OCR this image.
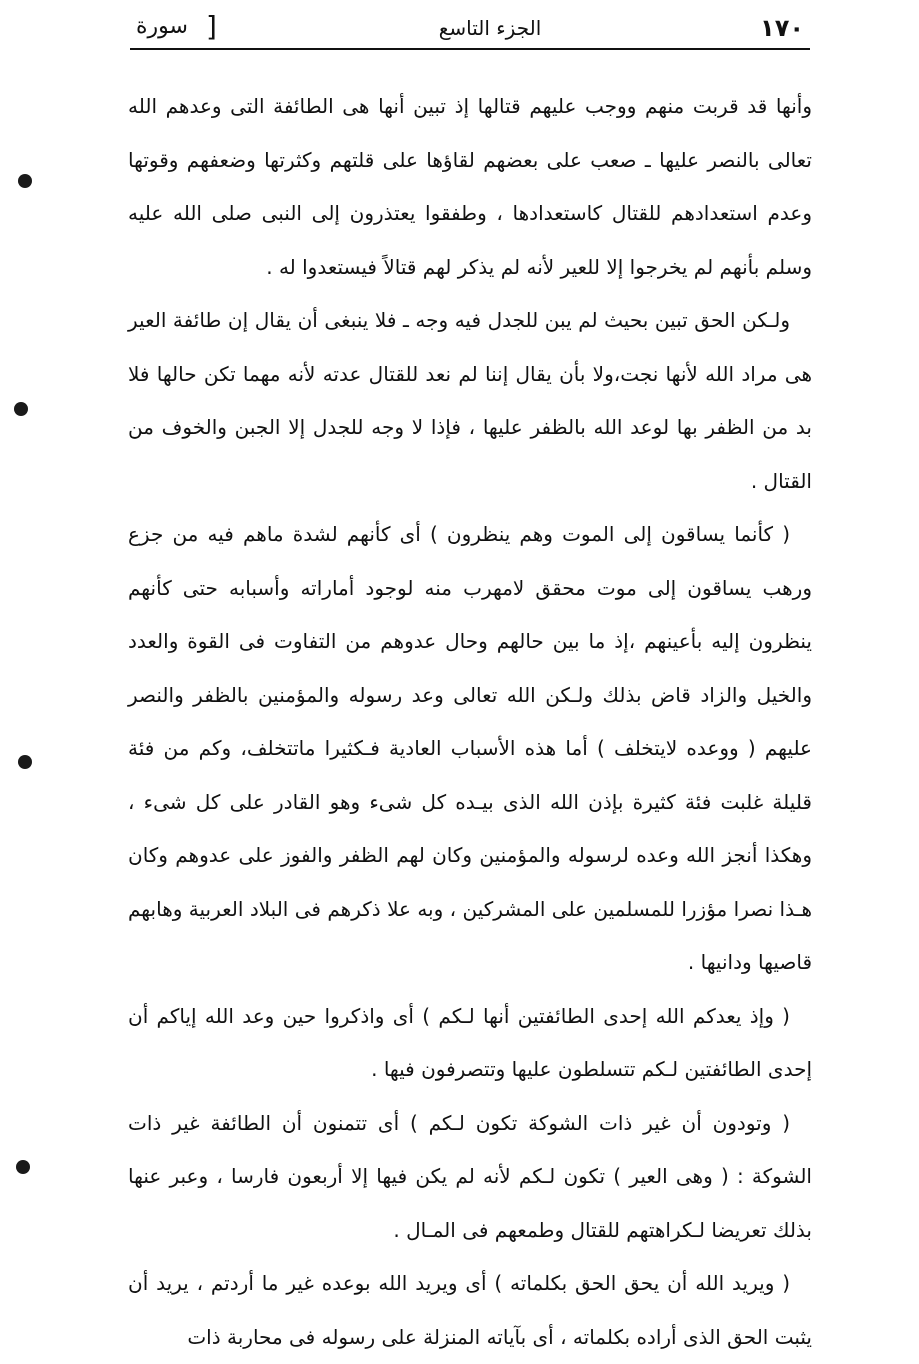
١٧٠
الجزء التاسع
سورة ]

وأنها قد قربت منهم ووجب عليهم قتالها إذ تبين أنها هى الطائفة التى وعدهم الله تعالى بالنصر عليها ـ صعب على بعضهم لقاؤها على قلتهم وكثرتها وضعفهم وقوتها وعدم استعدادهم للقتال كاستعدادها ، وطفقوا يعتذرون إلى النبى صلى الله عليه وسلم بأنهم لم يخرجوا إلا للعير لأنه لم يذكر لهم قتالاً فيستعدوا له .

ولـكن الحق تبين بحيث لم يبن للجدل فيه وجه ـ فلا ينبغى أن يقال إن طائفة العير هى مراد الله لأنها نجت،ولا بأن يقال إننا لم نعد للقتال عدته لأنه مهما تكن حالها فلا بد من الظفر بها لوعد الله بالظفر عليها ، فإذا لا وجه للجدل إلا الجبن والخوف من القتال .

( كأنما يساقون إلى الموت وهم ينظرون ) أى كأنهم لشدة ماهم فيه من جزع ورهب يساقون إلى موت محقق لامهرب منه لوجود أماراته وأسبابه حتى كأنهم ينظرون إليه بأعينهم ،إذ ما بين حالهم وحال عدوهم من التفاوت فى القوة والعدد والخيل والزاد قاض بذلك ولـكن الله تعالى وعد رسوله والمؤمنين بالظفر والنصر عليهم ( ووعده لايتخلف ) أما هذه الأسباب العادية فـكثيرا ماتتخلف، وكم من فئة قليلة غلبت فئة كثيرة بإذن الله الذى بيـده كل شىء وهو القادر على كل شىء ، وهكذا أنجز الله وعده لرسوله والمؤمنين وكان لهم الظفر والفوز على عدوهم وكان هـذا نصرا مؤزرا للمسلمين على المشركين ، وبه علا ذكرهم فى البلاد العربية وهابهم قاصيها ودانيها .

( وإذ يعدكم الله إحدى الطائفتين أنها لـكم ) أى واذكروا حين وعد الله إياكم أن إحدى الطائفتين لـكم تتسلطون عليها وتتصرفون فيها .

( وتودون أن غير ذات الشوكة تكون لـكم ) أى تتمنون أن الطائفة غير ذات الشوكة : ( وهى العير ) تكون لـكم لأنه لم يكن فيها إلا أربعون فارسا ، وعبر عنها بذلك تعريضا لـكراهتهم للقتال وطمعهم فى المـال .

( ويريد الله أن يحق الحق بكلماته ) أى ويريد الله بوعده غير ما أردتم ، يريد أن يثبت الحق الذى أراده بكلماته ، أى بآياته المنزلة على رسوله فى محاربة ذات
